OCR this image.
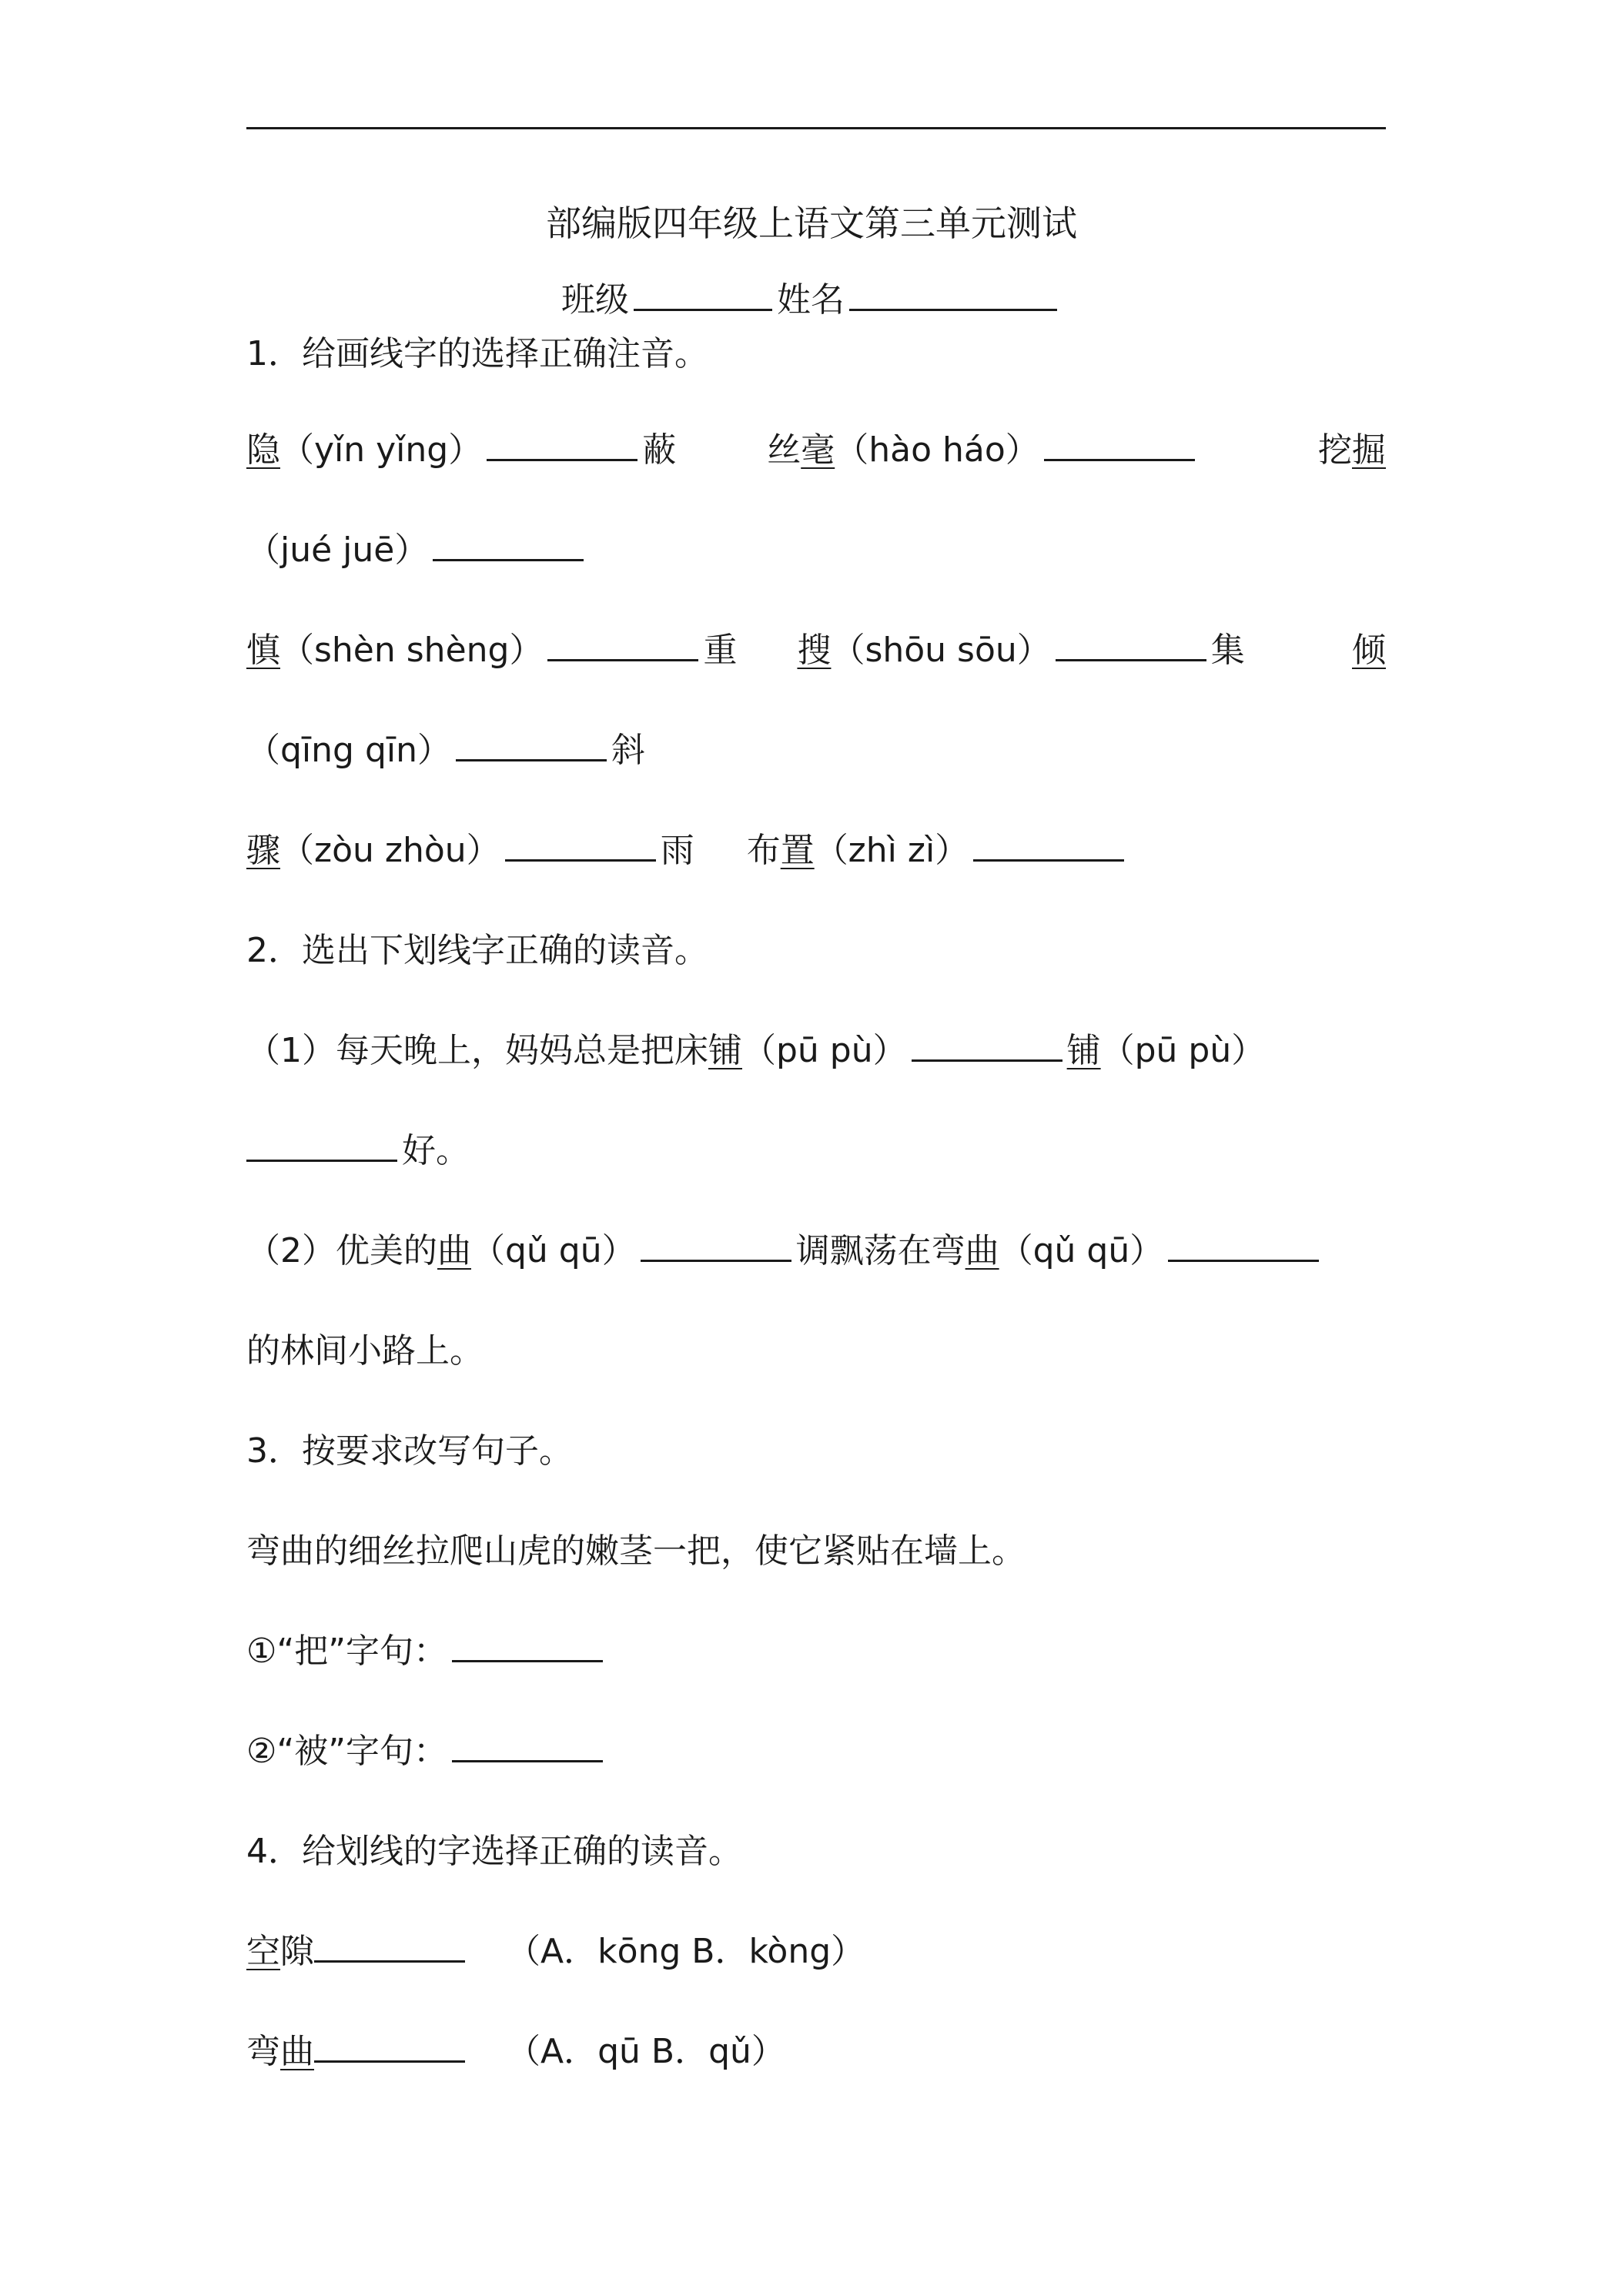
部编版四年级上语文第三单元测试
班级	姓名
1．给画线字的选择正确注音。
隐（yǐn yǐng）	蔽	丝毫（hào háo）	挖掘
（jué juē）
慎（shèn shèng）	重 搜（shōu sōu）	集	倾
（qīng qīn）	斜
骤（zòu zhòu）	雨 布置（zhì zì）
2．选出下划线字正确的读音。
（1）每天晚上，妈妈总是把床铺（pū pù）	铺（pū pù）
好。
（2）优美的曲（qǔ qū）	调飘荡在弯曲（qǔ qū）
的林间小路上。
3．按要求改写句子。
弯曲的细丝拉爬山虎的嫩茎一把，使它紧贴在墙上。
①“把”字句：
②“被”字句：
4．给划线的字选择正确的读音。
空隙	（A．kōng B．kòng）
弯曲	（A．qū B．qǔ）
